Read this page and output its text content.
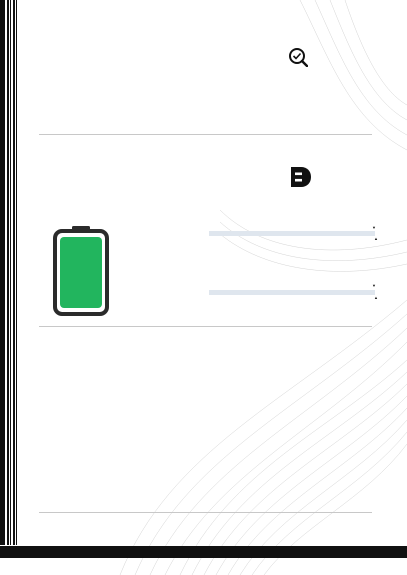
▼
▲
▼
▲
